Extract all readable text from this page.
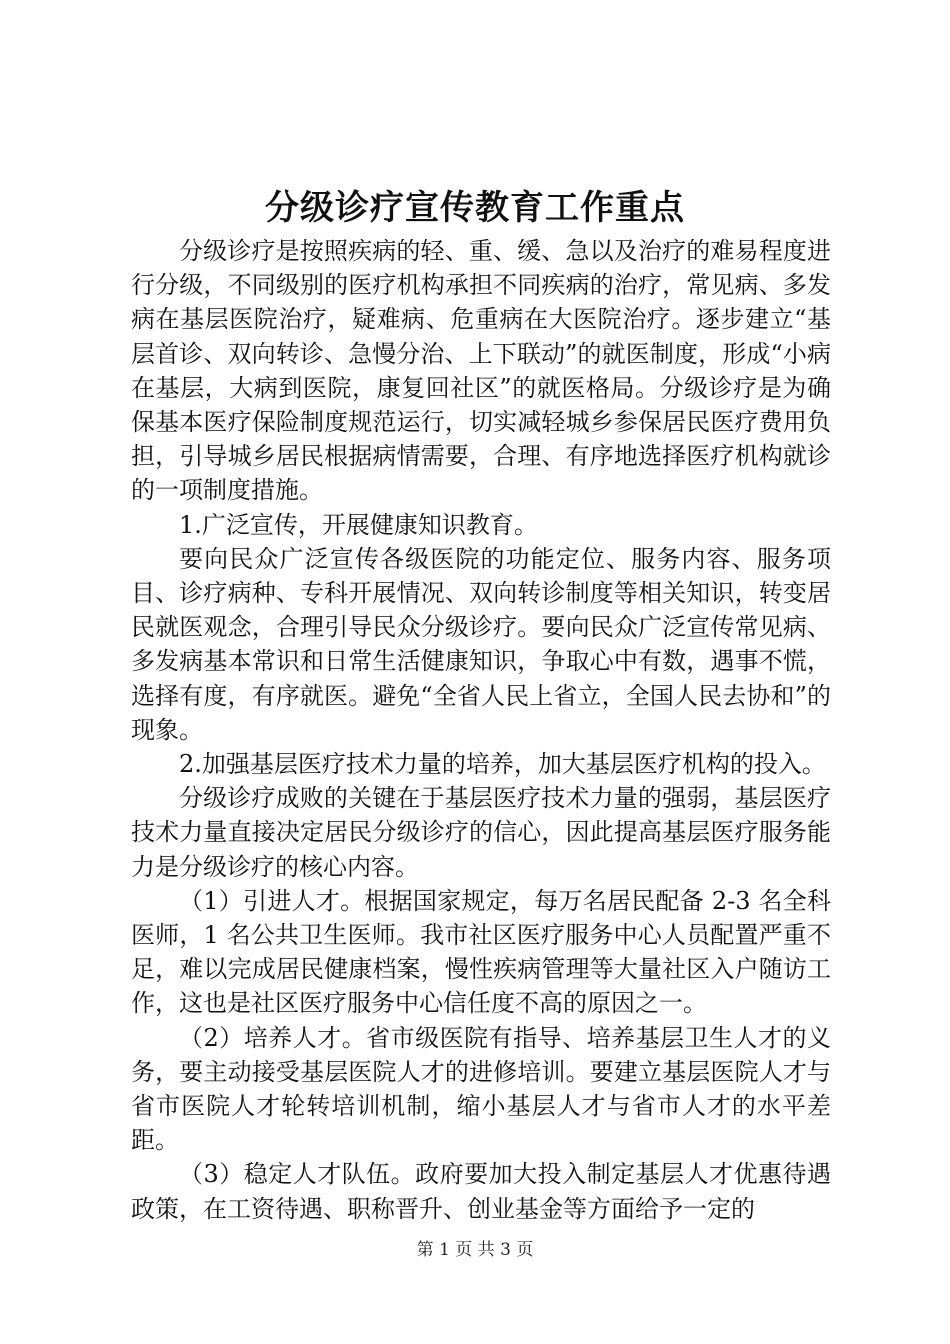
分级诊疗宣传教育工作重点

分级诊疗是按照疾病的轻、重、缓、急以及治疗的难易程度进行分级，不同级别的医疗机构承担不同疾病的治疗，常见病、多发病在基层医院治疗，疑难病、危重病在大医院治疗。逐步建立“基层首诊、双向转诊、急慢分治、上下联动”的就医制度，形成“小病在基层，大病到医院，康复回社区”的就医格局。分级诊疗是为确保基本医疗保险制度规范运行，切实减轻城乡参保居民医疗费用负担，引导城乡居民根据病情需要，合理、有序地选择医疗机构就诊的一项制度措施。

1.广泛宣传，开展健康知识教育。

要向民众广泛宣传各级医院的功能定位、服务内容、服务项目、诊疗病种、专科开展情况、双向转诊制度等相关知识，转变居民就医观念，合理引导民众分级诊疗。要向民众广泛宣传常见病、多发病基本常识和日常生活健康知识，争取心中有数，遇事不慌，选择有度，有序就医。避免“全省人民上省立，全国人民去协和”的现象。

2.加强基层医疗技术力量的培养，加大基层医疗机构的投入。

分级诊疗成败的关键在于基层医疗技术力量的强弱，基层医疗技术力量直接决定居民分级诊疗的信心，因此提高基层医疗服务能力是分级诊疗的核心内容。

（1）引进人才。根据国家规定，每万名居民配备 2-3 名全科医师，1 名公共卫生医师。我市社区医疗服务中心人员配置严重不足，难以完成居民健康档案，慢性疾病管理等大量社区入户随访工作，这也是社区医疗服务中心信任度不高的原因之一。

（2）培养人才。省市级医院有指导、培养基层卫生人才的义务，要主动接受基层医院人才的进修培训。要建立基层医院人才与省市医院人才轮转培训机制，缩小基层人才与省市人才的水平差距。

（3）稳定人才队伍。政府要加大投入制定基层人才优惠待遇政策，在工资待遇、职称晋升、创业基金等方面给予一定的

第 1 页 共 3 页
